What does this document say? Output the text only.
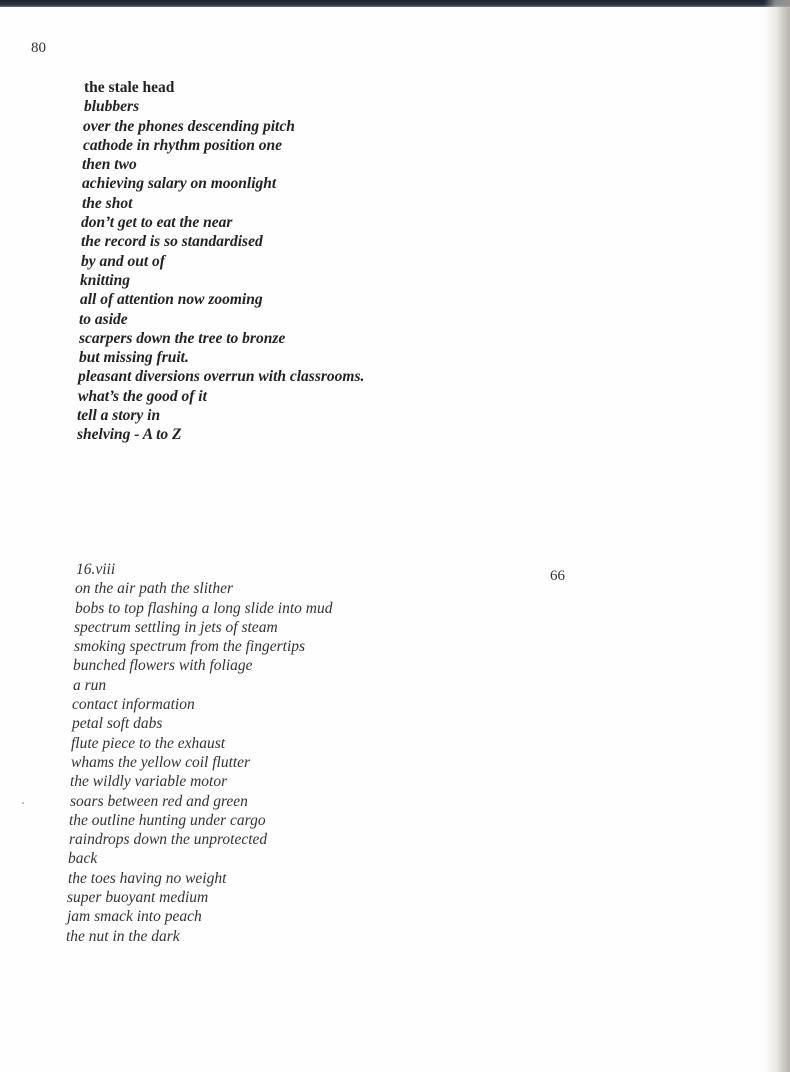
80

66

the stale head
blubbers
over the phones descending pitch
cathode in rhythm position one
then two
achieving salary on moonlight
the shot
don’t get to eat the near
the record is so standardised
by and out of
knitting
all of attention now zooming
to aside
scarpers down the tree to bronze
but missing fruit.
pleasant diversions overrun with classrooms.
what’s the good of it
tell a story in
shelving - A to Z
16.viii
on the air path the slither
bobs to top flashing a long slide into mud
spectrum settling in jets of steam
smoking spectrum from the fingertips
bunched flowers with foliage
a run
contact information
petal soft dabs
flute piece to the exhaust
whams the yellow coil flutter
the wildly variable motor
soars between red and green
the outline hunting under cargo
raindrops down the unprotected
back
the toes having no weight
super buoyant medium
jam smack into peach
the nut in the dark
